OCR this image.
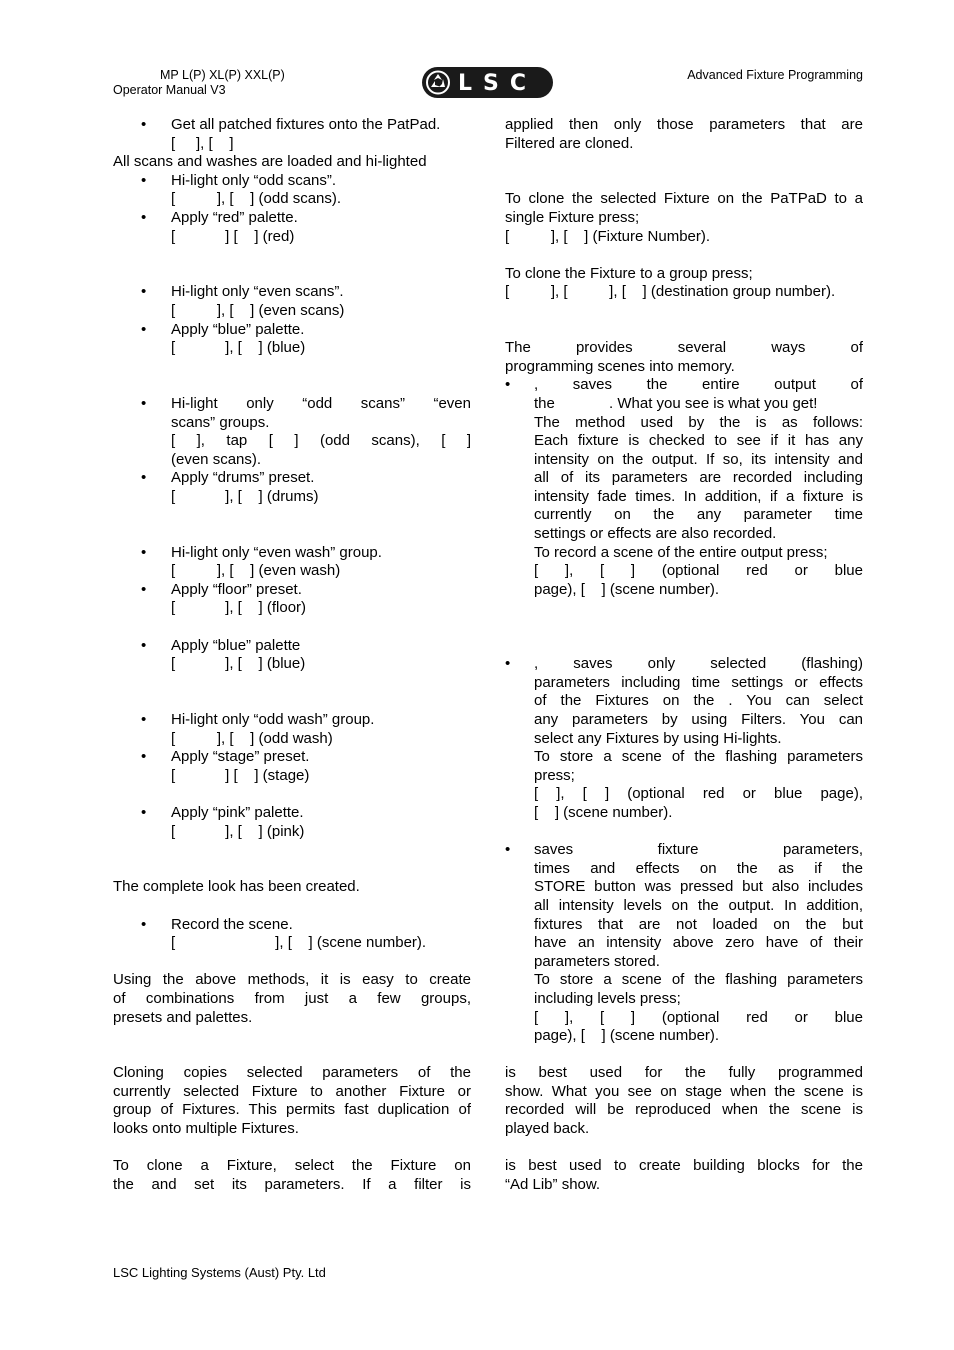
MP L(P) XL(P) XXL(P)
Operator Manual V3
Advanced Fixture Programming
LSC
• Get all patched fixtures onto the PatPad.
[     ], [    ]
All scans and washes are loaded and hi-lighted
• Hi-light only “odd scans”.
[          ], [    ] (odd scans).
• Apply “red” palette.
[            ] [    ] (red)
• Hi-light only “even scans”.
[          ], [    ] (even scans)
• Apply “blue” palette.
[            ], [    ] (blue)
• Hi-light only “odd scans” “even
scans” groups.
[ ], tap [ ] (odd scans), [ ]
(even scans).
• Apply “drums” preset.
[            ], [    ] (drums)
• Hi-light only “even wash” group.
[          ], [    ] (even wash)
• Apply “floor” preset.
[            ], [    ] (floor)
• Apply “blue” palette
[            ], [    ] (blue)
• Hi-light only “odd wash” group.
[          ], [    ] (odd wash)
• Apply “stage” preset.
[            ] [    ] (stage)
• Apply “pink” palette.
[            ], [    ] (pink)
The complete look has been created.
• Record the scene.
[                        ], [    ] (scene number).
Using the above methods, it is easy to create
of combinations from just a few groups,
presets and palettes.
Cloning copies selected parameters of the
currently selected Fixture to another Fixture or
group of Fixtures. This permits fast duplication of
looks onto multiple Fixtures.
To clone a Fixture, select the Fixture on
the and set its parameters. If a filter is
applied then only those parameters that are
Filtered are cloned.
To clone the selected Fixture on the PaTPaD to a
single Fixture press;
[          ], [    ] (Fixture Number).
To clone the Fixture to a group press;
[          ], [          ], [    ] (destination group number).
The provides several ways of
programming scenes into memory.
• , saves the entire output of
the             . What you see is what you get!
The method used by the is as follows:
Each fixture is checked to see if it has any
intensity on the output. If so, its intensity and
all of its parameters are recorded including
intensity fade times. In addition, if a fixture is
currently on the any parameter time
settings or effects are also recorded.
To record a scene of the entire output press;
[ ], [ ] (optional red or blue
page), [    ] (scene number).
• , saves only selected (flashing)
parameters including time settings or effects
of the Fixtures on the . You can select
any parameters by using Filters. You can
select any Fixtures by using Hi-lights.
To store a scene of the flashing parameters
press;
[ ], [ ] (optional red or blue page),
[    ] (scene number).
• saves fixture parameters,
times and effects on the as if the
STORE button was pressed but also includes
all intensity levels on the output. In addition,
fixtures that are not loaded on the but
have an intensity above zero have of their
parameters stored.
To store a scene of the flashing parameters
including levels press;
[ ], [ ] (optional red or blue
page), [    ] (scene number).
is best used for the fully programmed
show. What you see on stage when the scene is
recorded will be reproduced when the scene is
played back.
is best used to create building blocks for the
“Ad Lib” show.
LSC Lighting Systems (Aust) Pty. Ltd
